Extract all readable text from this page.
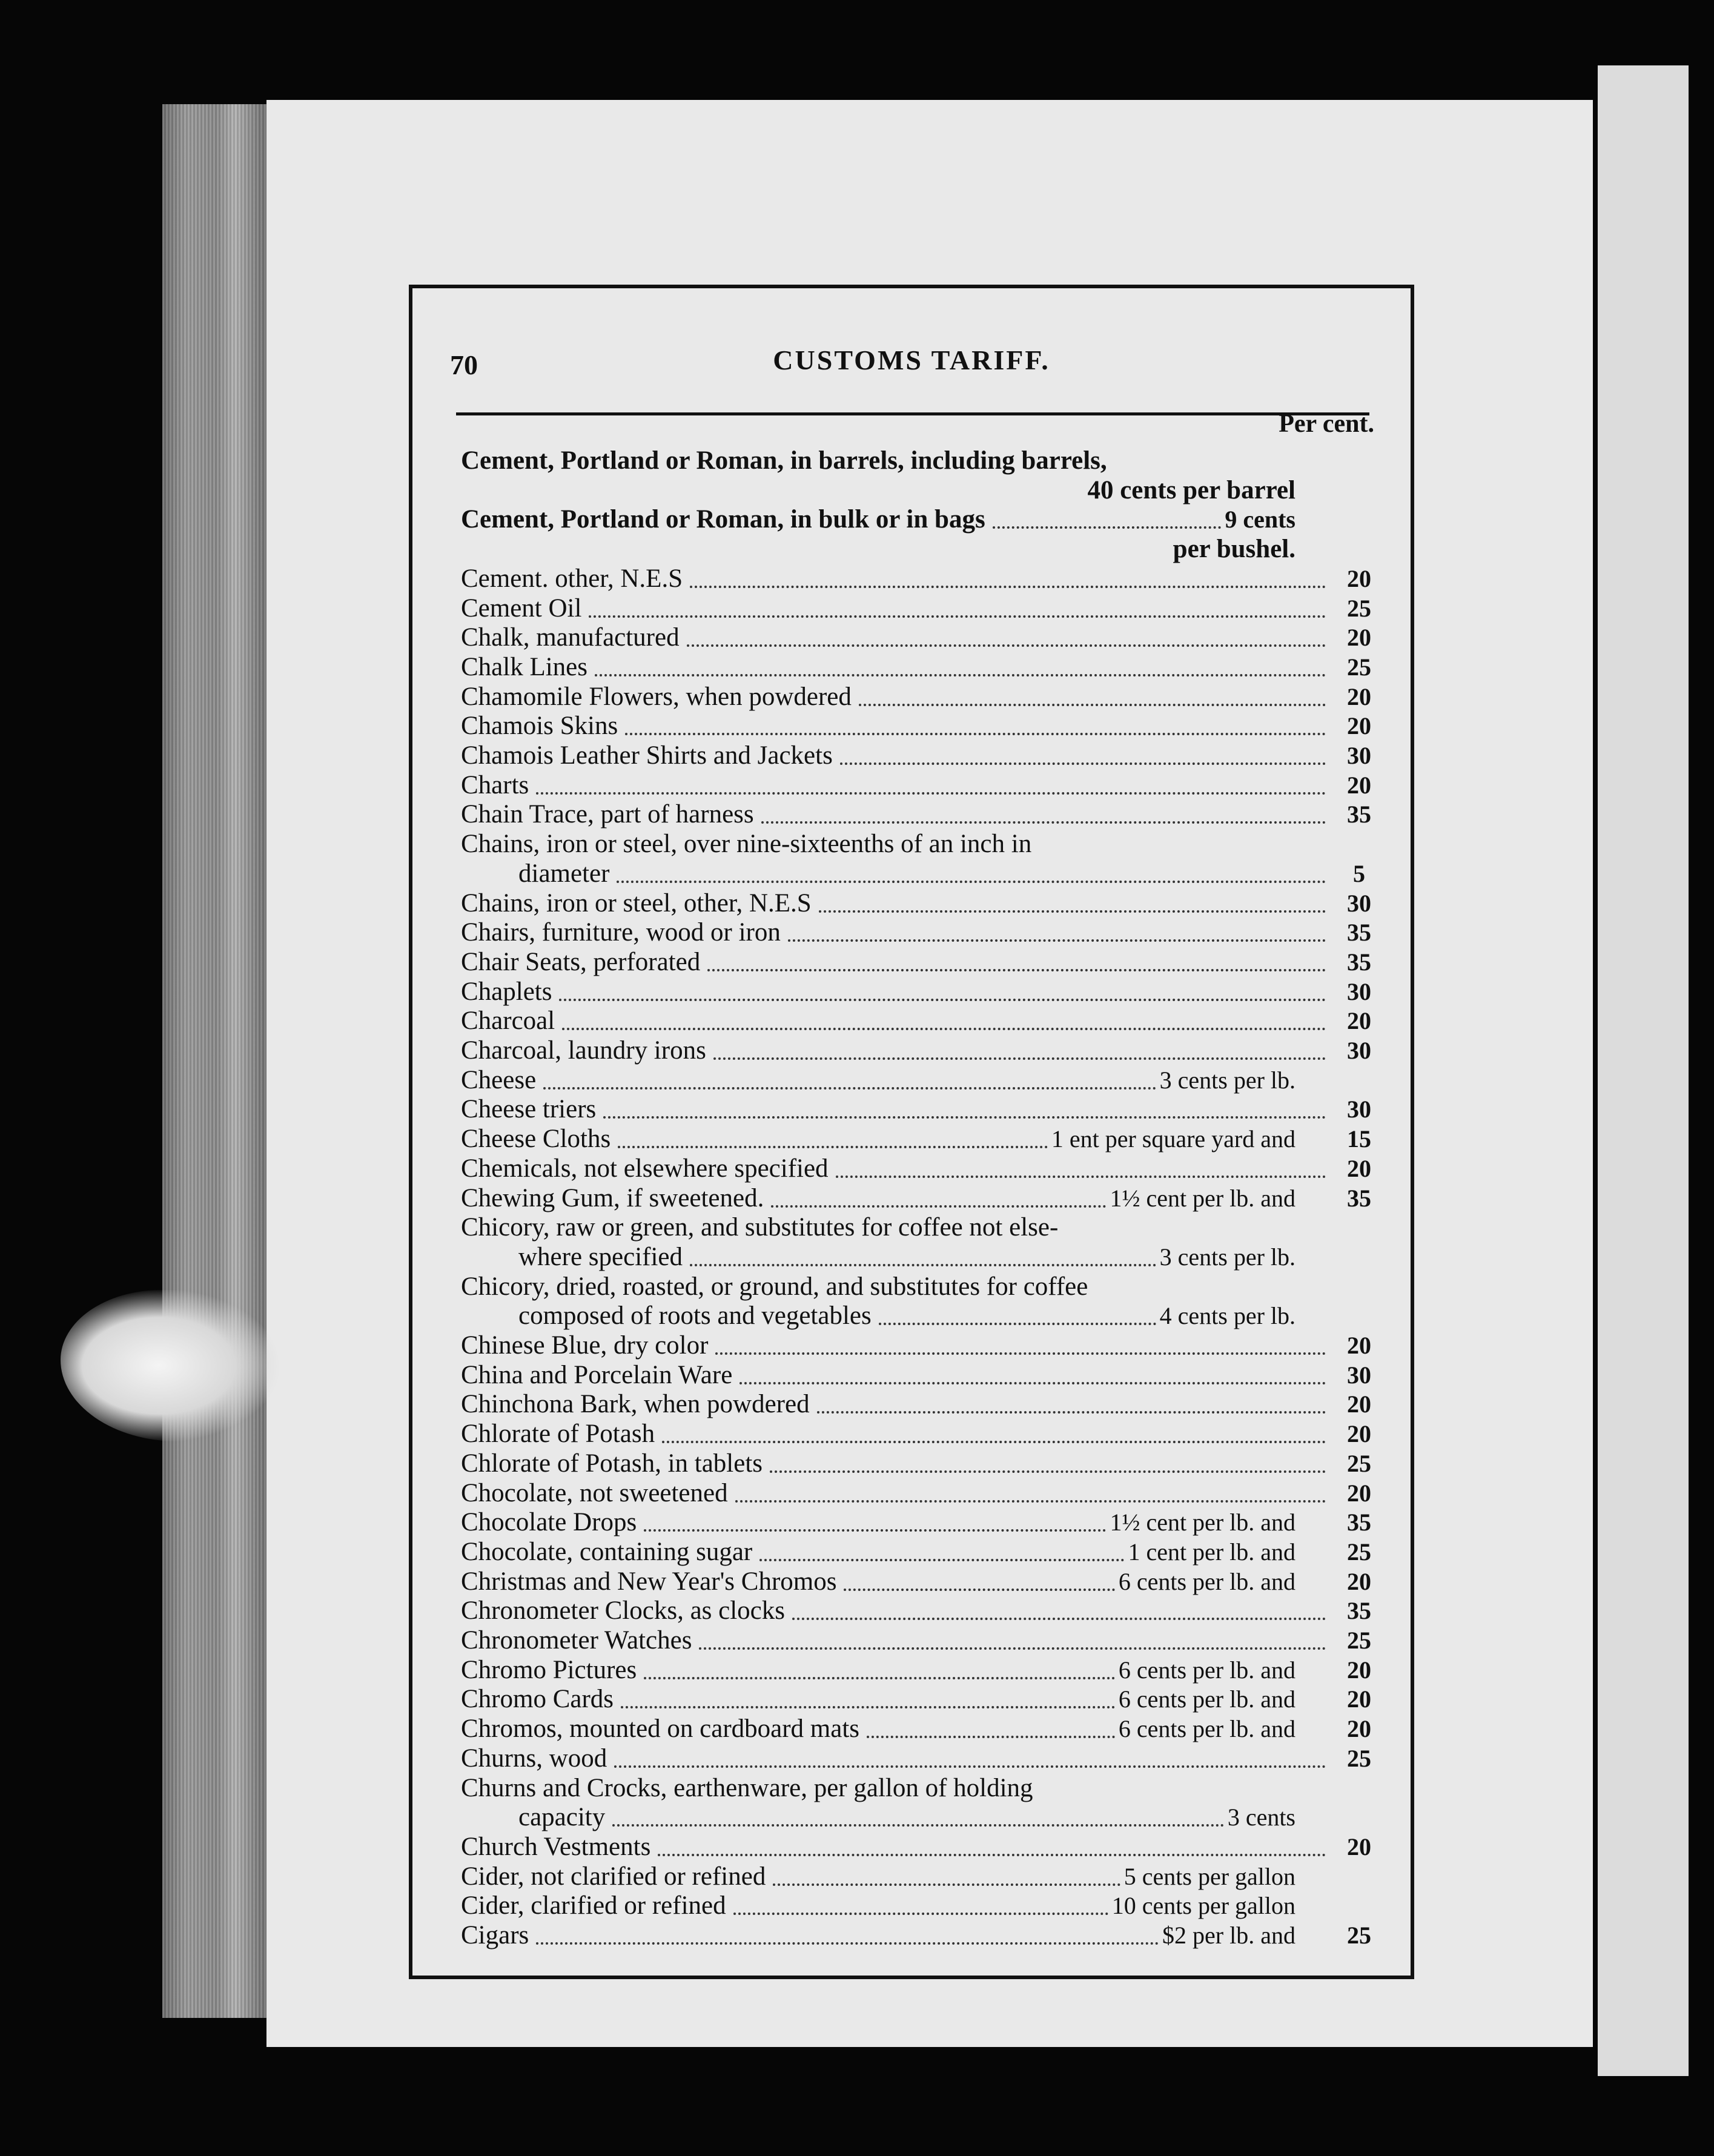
70	CUSTOMS TARIFF.
Per cent.
Cement, Portland or Roman, in barrels, including barrels,
40 cents per barrel
Cement, Portland or Roman, in bulk or in bags	9 cents
per bushel.
Cement. other, N.E.S	20
Cement Oil	25
Chalk, manufactured	20
Chalk Lines	25
Chamomile Flowers, when powdered	20
Chamois Skins	20
Chamois Leather Shirts and Jackets	30
Charts	20
Chain Trace, part of harness	35
Chains, iron or steel, over nine-sixteenths of an inch in
diameter	5
Chains, iron or steel, other, N.E.S	30
Chairs, furniture, wood or iron	35
Chair Seats, perforated	35
Chaplets	30
Charcoal	20
Charcoal, laundry irons	30
Cheese	3 cents per lb.
Cheese triers	30
Cheese Cloths	1 ent per square yard and	15
Chemicals, not elsewhere specified	20
Chewing Gum, if sweetened.	1½ cent per lb. and	35
Chicory, raw or green, and substitutes for coffee not else-
where specified	3 cents per lb.
Chicory, dried, roasted, or ground, and substitutes for coffee
composed of roots and vegetables	4 cents per lb.
Chinese Blue, dry color	20
China and Porcelain Ware	30
Chinchona Bark, when powdered	20
Chlorate of Potash	20
Chlorate of Potash, in tablets	25
Chocolate, not sweetened	20
Chocolate Drops	1½ cent per lb. and	35
Chocolate, containing sugar	1 cent per lb. and	25
Christmas and New Year's Chromos	6 cents per lb. and	20
Chronometer Clocks, as clocks	35
Chronometer Watches	25
Chromo Pictures	6 cents per lb. and	20
Chromo Cards	6 cents per lb. and	20
Chromos, mounted on cardboard mats	6 cents per lb. and	20
Churns, wood	25
Churns and Crocks, earthenware, per gallon of holding
capacity	3 cents
Church Vestments	20
Cider, not clarified or refined	5 cents per gallon
Cider, clarified or refined	10 cents per gallon
Cigars	$2 per lb. and	25
